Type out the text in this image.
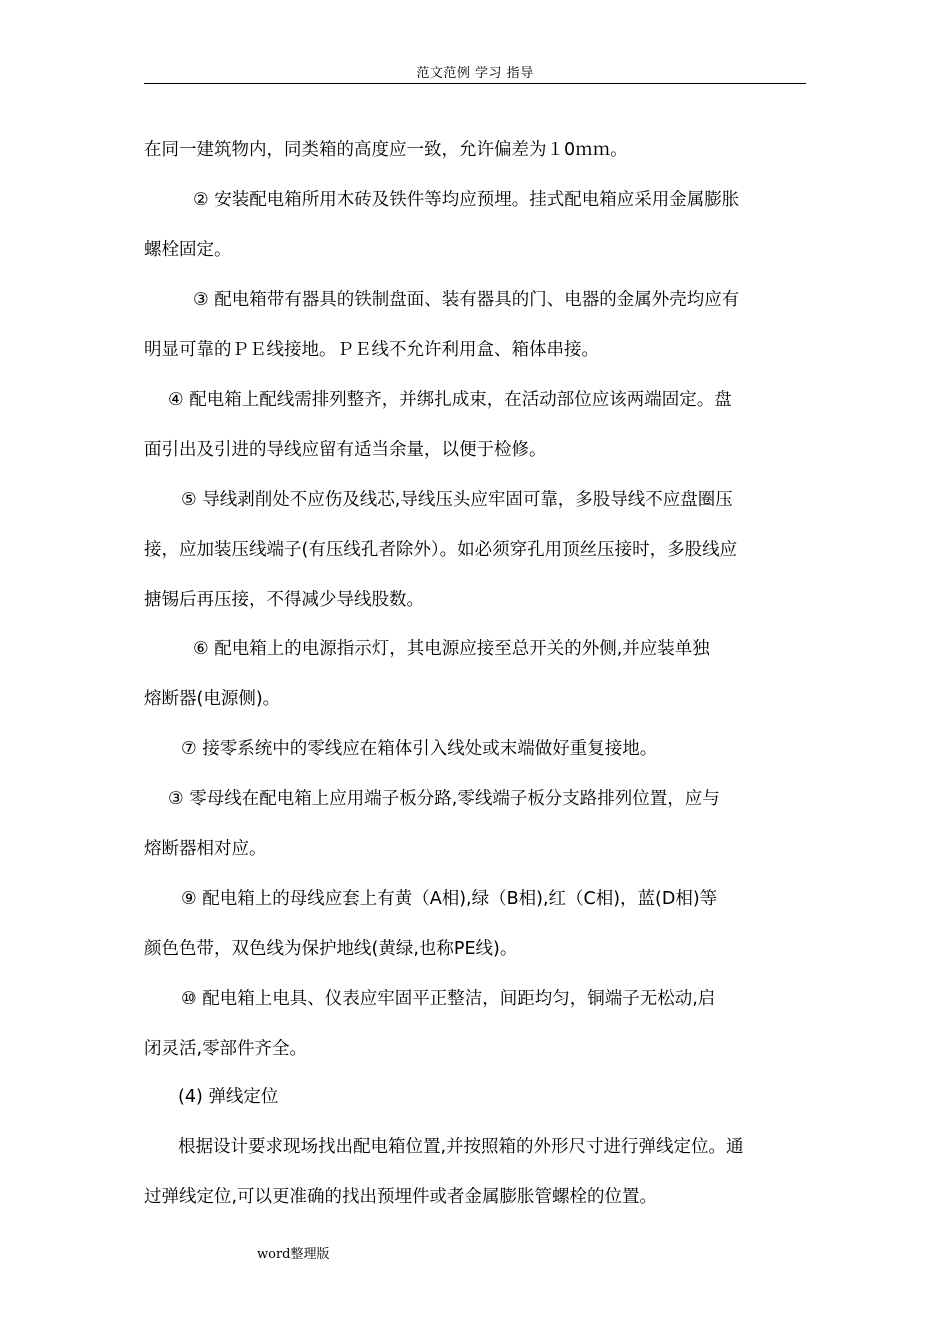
范文范例 学习 指导

在同一建筑物内，同类箱的高度应一致，允许偏差为１0ｍｍ。

② 安装配电箱所用木砖及铁件等均应预埋。挂式配电箱应采用金属膨胀

螺栓固定。

③ 配电箱带有器具的铁制盘面、装有器具的门、电器的金属外壳均应有

明显可靠的ＰＥ线接地。ＰＥ线不允许利用盒、箱体串接。

④ 配电箱上配线需排列整齐，并绑扎成束，在活动部位应该两端固定。盘

面引出及引进的导线应留有适当余量，以便于检修。

⑤ 导线剥削处不应伤及线芯,导线压头应牢固可靠，多股导线不应盘圈压

接，应加装压线端子(有压线孔者除外）。如必须穿孔用顶丝压接时，多股线应

搪锡后再压接，不得减少导线股数。

⑥ 配电箱上的电源指示灯，其电源应接至总开关的外侧,并应装单独

熔断器(电源侧)。

⑦ 接零系统中的零线应在箱体引入线处或末端做好重复接地。

③ 零母线在配电箱上应用端子板分路,零线端子板分支路排列位置，应与

熔断器相对应。

⑨ 配电箱上的母线应套上有黄（A相),绿（B相),红（C相)，蓝(D相)等

颜色色带，双色线为保护地线(黄绿,也称PE线)。

⑩ 配电箱上电具、仪表应牢固平正整洁，间距均匀，铜端子无松动,启

闭灵活,零部件齐全。

(4) 弹线定位

根据设计要求现场找出配电箱位置,并按照箱的外形尺寸进行弹线定位。通

过弹线定位,可以更准确的找出预埋件或者金属膨胀管螺栓的位置。

word整理版
